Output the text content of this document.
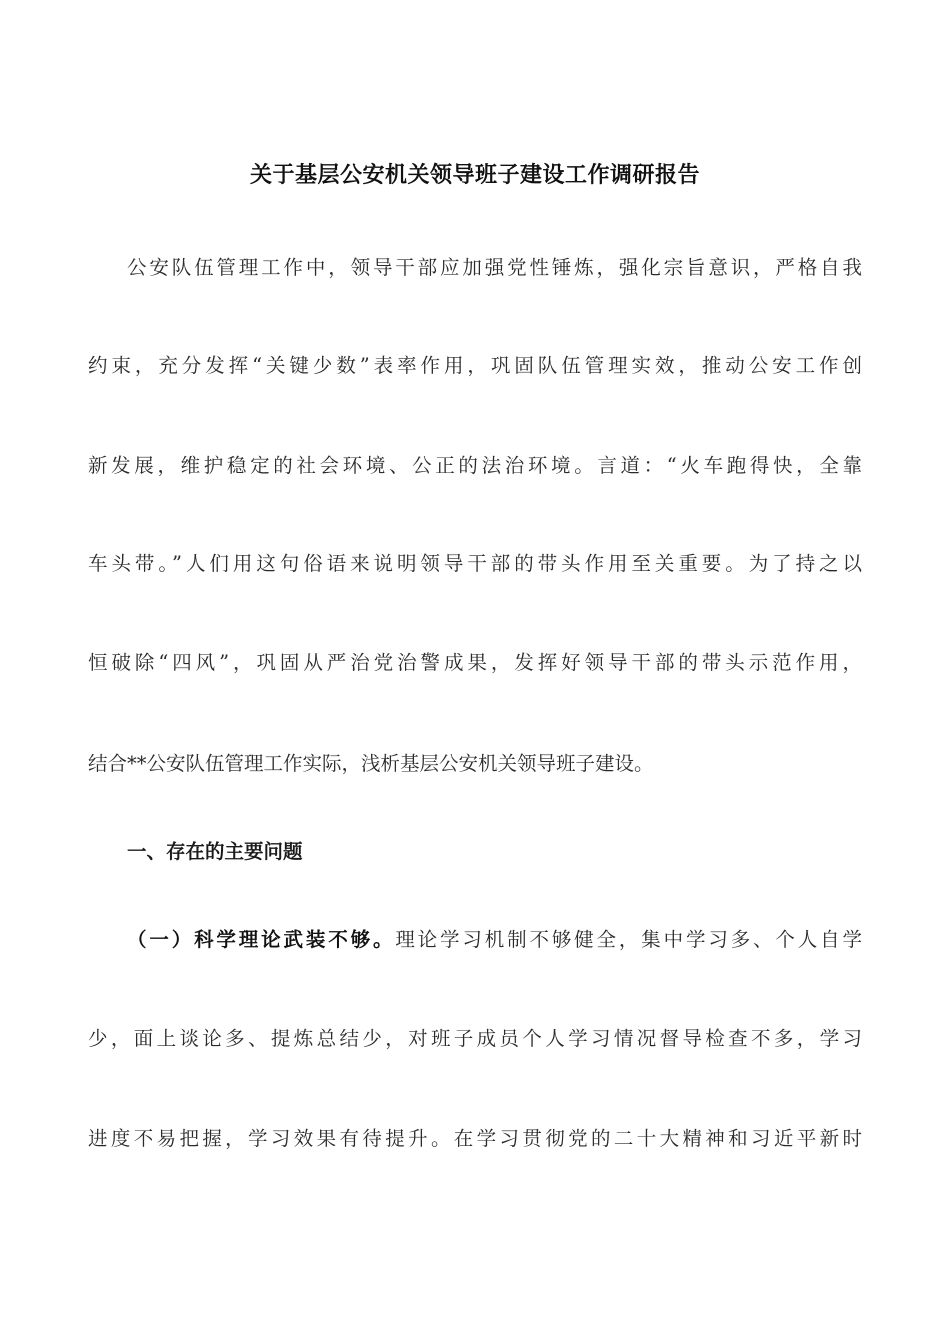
关于基层公安机关领导班子建设工作调研报告
公安队伍管理工作中，领导干部应加强党性锤炼，强化宗旨意识，严格自我
约束，充分发挥“关键少数”表率作用，巩固队伍管理实效，推动公安工作创
新发展，维护稳定的社会环境、公正的法治环境。言道：“火车跑得快，全靠
车头带。”人们用这句俗语来说明领导干部的带头作用至关重要。为了持之以
恒破除“四风”，巩固从严治党治警成果，发挥好领导干部的带头示范作用，
结合**公安队伍管理工作实际，浅析基层公安机关领导班子建设。
一、存在的主要问题
（一）科学理论武装不够。理论学习机制不够健全，集中学习多、个人自学
少，面上谈论多、提炼总结少，对班子成员个人学习情况督导检查不多，学习
进度不易把握，学习效果有待提升。在学习贯彻党的二十大精神和习近平新时
